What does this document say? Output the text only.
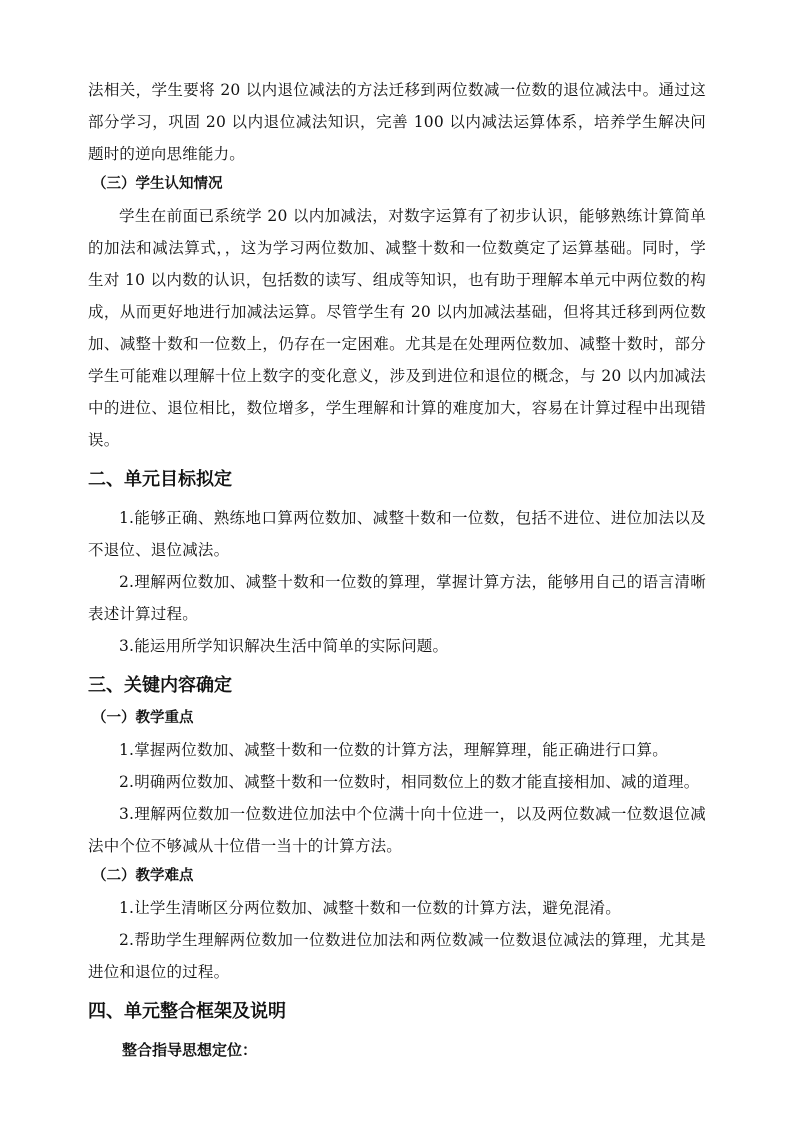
法相关，学生要将 20 以内退位减法的方法迁移到两位数减一位数的退位减法中。通过这部分学习，巩固 20 以内退位减法知识，完善 100 以内减法运算体系，培养学生解决问题时的逆向思维能力。

（三）学生认知情况

学生在前面已系统学 20 以内加减法，对数字运算有了初步认识，能够熟练计算简单的加法和减法算式，，这为学习两位数加、减整十数和一位数奠定了运算基础。同时，学生对 10 以内数的认识，包括数的读写、组成等知识，也有助于理解本单元中两位数的构成，从而更好地进行加减法运算。尽管学生有 20 以内加减法基础，但将其迁移到两位数加、减整十数和一位数上，仍存在一定困难。尤其是在处理两位数加、减整十数时，部分学生可能难以理解十位上数字的变化意义，涉及到进位和退位的概念，与 20 以内加减法中的进位、退位相比，数位增多，学生理解和计算的难度加大，容易在计算过程中出现错误。

二、单元目标拟定

1.能够正确、熟练地口算两位数加、减整十数和一位数，包括不进位、进位加法以及不退位、退位减法。

2.理解两位数加、减整十数和一位数的算理，掌握计算方法，能够用自己的语言清晰表述计算过程。

3.能运用所学知识解决生活中简单的实际问题。

三、关键内容确定
（一）教学重点

1.掌握两位数加、减整十数和一位数的计算方法，理解算理，能正确进行口算。

2.明确两位数加、减整十数和一位数时，相同数位上的数才能直接相加、减的道理。

3.理解两位数加一位数进位加法中个位满十向十位进一，以及两位数减一位数退位减法中个位不够减从十位借一当十的计算方法。

（二）教学难点

1.让学生清晰区分两位数加、减整十数和一位数的计算方法，避免混淆。

2.帮助学生理解两位数加一位数进位加法和两位数减一位数退位减法的算理，尤其是进位和退位的过程。

四、单元整合框架及说明
整合指导思想定位：
